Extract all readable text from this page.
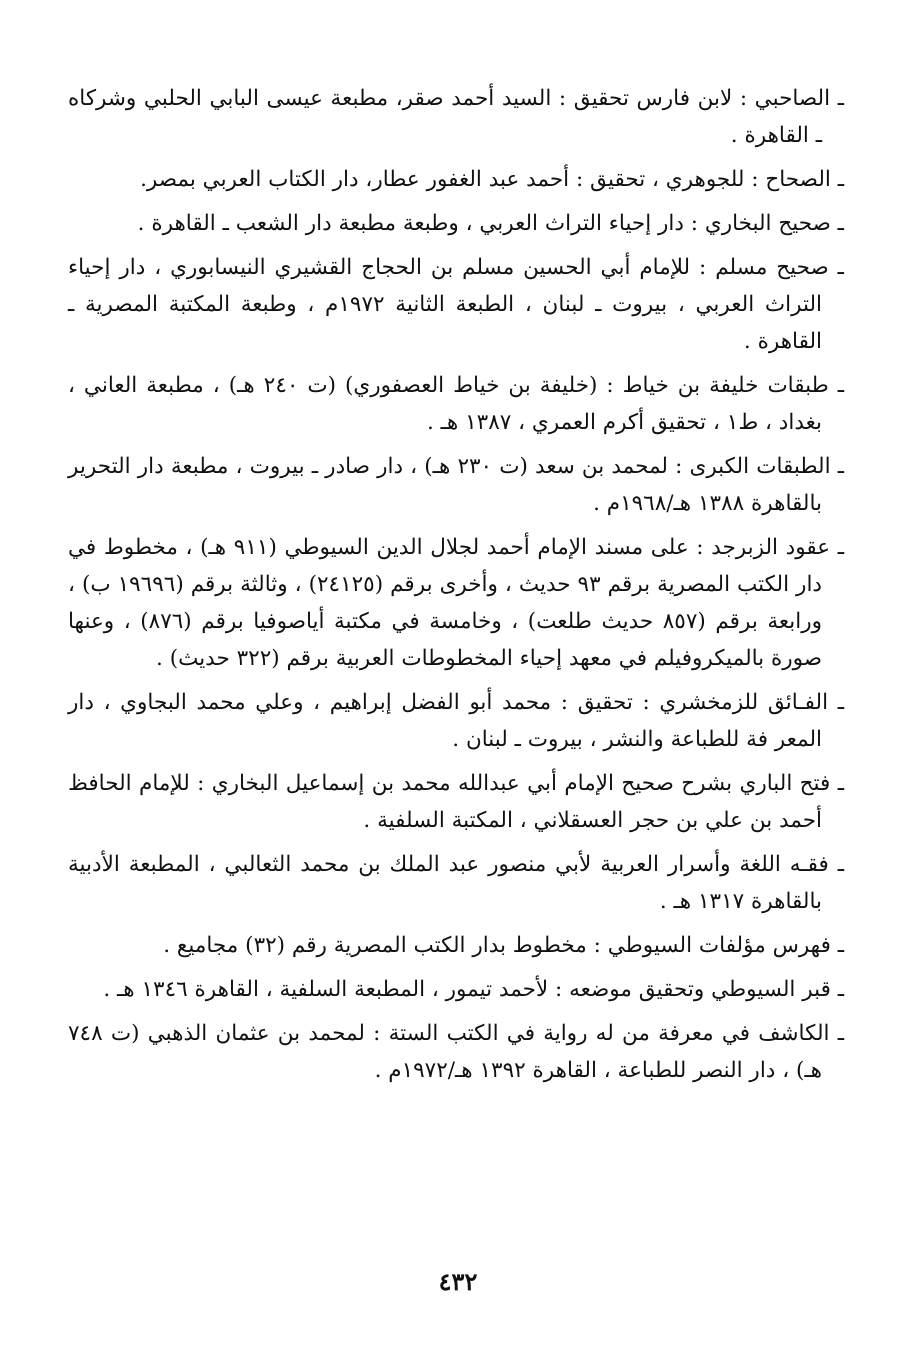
ـ الصاحبي : لابن فارس تحقيق : السيد أحمد صقر، مطبعة عيسى البابي الحلبي وشركاه ـ القاهرة .
ـ الصحاح : للجوهري ، تحقيق : أحمد عبد الغفور عطار، دار الكتاب العربي بمصر.
ـ صحيح البخاري : دار إحياء التراث العربي ، وطبعة مطبعة دار الشعب ـ القاهرة .
ـ صحيح مسلم : للإمام أبي الحسين مسلم بن الحجاج القشيري النيسابوري ، دار إحياء التراث العربي ، بيروت ـ لبنان ، الطبعة الثانية ١٩٧٢م ، وطبعة المكتبة المصرية ـ القاهرة .
ـ طبقات خليفة بن خياط : (خليفة بن خياط العصفوري) (ت ٢٤٠ هـ) ، مطبعة العاني ، بغداد ، ط١ ، تحقيق أكرم العمري ، ١٣٨٧ هـ .
ـ الطبقات الكبرى : لمحمد بن سعد (ت ٢٣٠ هـ) ، دار صادر ـ بيروت ، مطبعة دار التحرير بالقاهرة ١٣٨٨ هـ/١٩٦٨م .
ـ عقود الزبرجد : على مسند الإمام أحمد لجلال الدين السيوطي (٩١١ هـ) ، مخطوط في دار الكتب المصرية برقم ٩٣ حديث ، وأخرى برقم (٢٤١٢٥) ، وثالثة برقم (١٩٦٩٦ ب) ، ورابعة برقم (٨٥٧ حديث طلعت) ، وخامسة في مكتبة أياصوفيا برقم (٨٧٦) ، وعنها صورة بالميكروفيلم في معهد إحياء المخطوطات العربية برقم (٣٢٢ حديث) .
ـ الفـائق للزمخشري : تحقيق : محمد أبو الفضل إبراهيم ، وعلي محمد البجاوي ، دار المعر فة للطباعة والنشر ، بيروت ـ لبنان .
ـ فتح الباري بشرح صحيح الإمام أبي عبدالله محمد بن إسماعيل البخاري : للإمام الحافظ أحمد بن علي بن حجر العسقلاني ، المكتبة السلفية .
ـ فقـه اللغة وأسرار العربية لأبي منصور عبد الملك بن محمد الثعالبي ، المطبعة الأدبية بالقاهرة ١٣١٧ هـ .
ـ فهرس مؤلفات السيوطي : مخطوط بدار الكتب المصرية رقم (٣٢) مجاميع .
ـ قبر السيوطي وتحقيق موضعه : لأحمد تيمور ، المطبعة السلفية ، القاهرة ١٣٤٦ هـ .
ـ الكاشف في معرفة من له رواية في الكتب الستة : لمحمد بن عثمان الذهبي (ت ٧٤٨ هـ) ، دار النصر للطباعة ، القاهرة ١٣٩٢ هـ/١٩٧٢م .
٤٣٢
